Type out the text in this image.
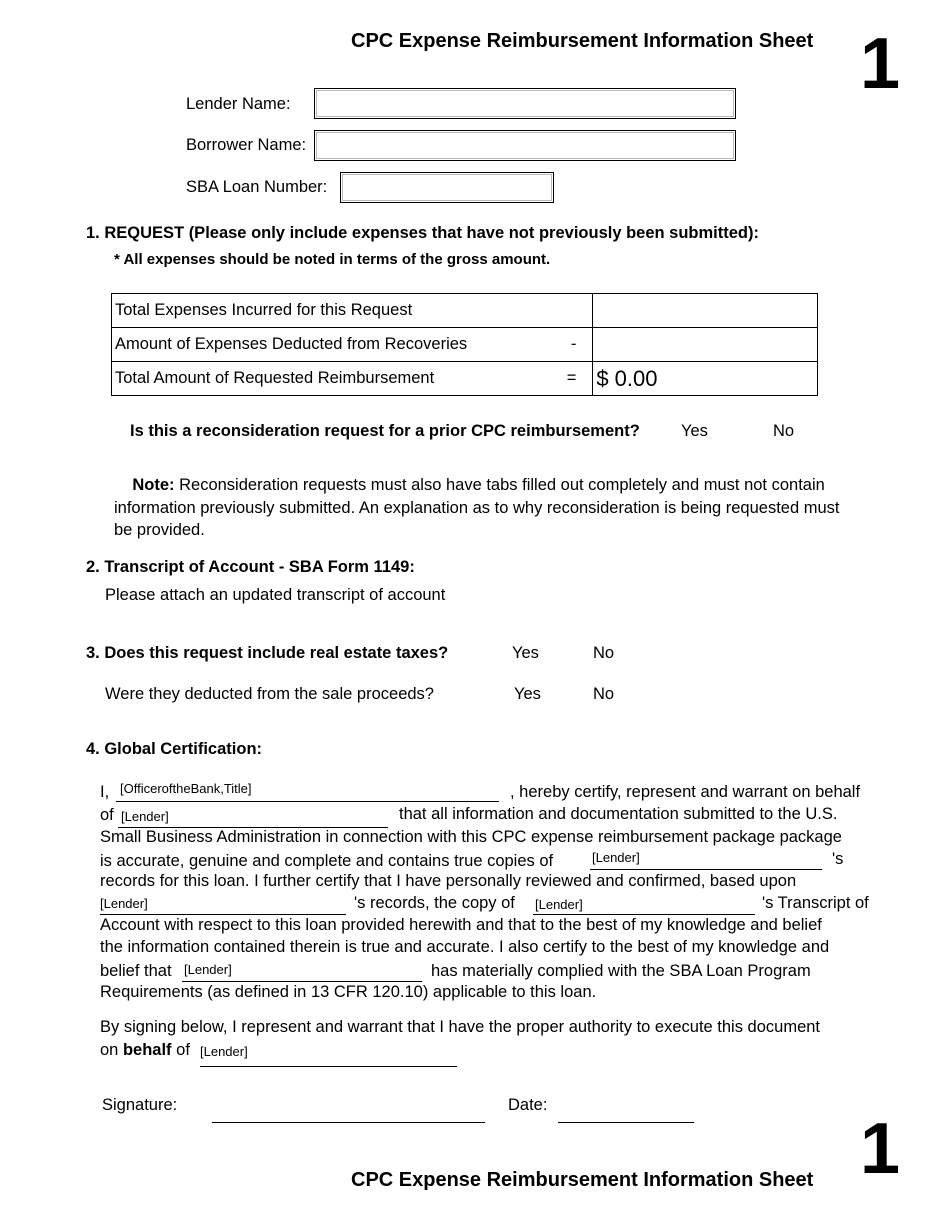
CPC Expense Reimbursement Information Sheet 1
Lender Name:
Borrower Name:
SBA Loan Number:
1. REQUEST (Please only include expenses that have not previously been submitted):
* All expenses should be noted in terms of the gross amount.
Total Expenses Incurred for this Request	
Amount of Expenses Deducted from Recoveries -	

Total Amount of Requested Reimbursement =	$ 0.00
Is this a reconsideration request for a prior CPC reimbursement? Yes	No
Note: Reconsideration requests must also have tabs filled out completely and must not contain information previously submitted. An explanation as to why reconsideration is being requested must be provided.
2. Transcript of Account - SBA Form 1149:
Please attach an updated transcript of account
3. Does this request include real estate taxes?	Yes	No
Were they deducted from the sale proceeds?	Yes	No
4. Global Certification:
I, [OfficeroftheBank,Title]	, hereby certify, represent and warrant on behalf
of [Lender]	that all information and documentation submitted to the U.S.
Small Business Administration in connection with this CPC expense reimbursement package package
is accurate, genuine and complete and contains true copies of	[Lender]	's
records for this loan. I further certify that I have personally reviewed and confirmed, based upon
[Lender]	's records, the copy of [Lender]	's Transcript of
Account with respect to this loan provided herewith and that to the best of my knowledge and belief
the information contained therein is true and accurate. I also certify to the best of my knowledge and
belief that [Lender]	has materially complied with the SBA Loan Program
Requirements (as defined in 13 CFR 120.10) applicable to this loan.
By signing below, I represent and warrant that I have the proper authority to execute this document
on behalf of [Lender]
Signature:	Date:
CPC Expense Reimbursement Information Sheet 1
